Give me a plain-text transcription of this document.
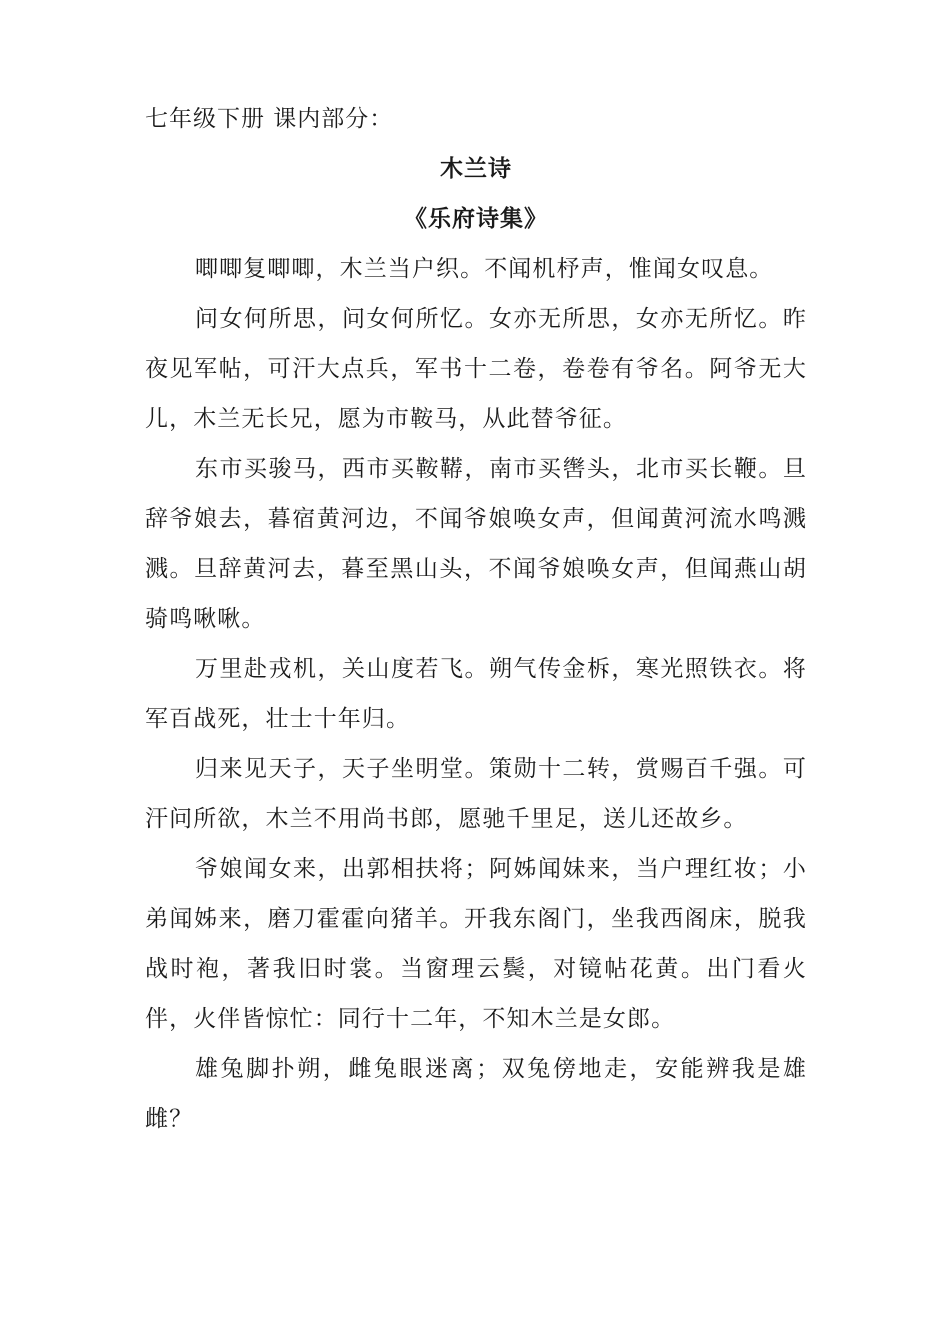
七年级下册 课内部分：
木兰诗
《乐府诗集》

唧唧复唧唧，木兰当户织。不闻机杼声，惟闻女叹息。

问女何所思，问女何所忆。女亦无所思，女亦无所忆。昨夜见军帖，可汗大点兵，军书十二卷，卷卷有爷名。阿爷无大儿，木兰无长兄，愿为市鞍马，从此替爷征。

东市买骏马，西市买鞍鞯，南市买辔头，北市买长鞭。旦辞爷娘去，暮宿黄河边，不闻爷娘唤女声，但闻黄河流水鸣溅溅。旦辞黄河去，暮至黑山头，不闻爷娘唤女声，但闻燕山胡骑鸣啾啾。

万里赴戎机，关山度若飞。朔气传金柝，寒光照铁衣。将军百战死，壮士十年归。

归来见天子，天子坐明堂。策勋十二转，赏赐百千强。可汗问所欲，木兰不用尚书郎，愿驰千里足，送儿还故乡。

爷娘闻女来，出郭相扶将；阿姊闻妹来，当户理红妆；小弟闻姊来，磨刀霍霍向猪羊。开我东阁门，坐我西阁床，脱我战时袍，著我旧时裳。当窗理云鬓，对镜帖花黄。出门看火伴，火伴皆惊忙：同行十二年，不知木兰是女郎。

雄兔脚扑朔，雌兔眼迷离；双兔傍地走，安能辨我是雄雌？
